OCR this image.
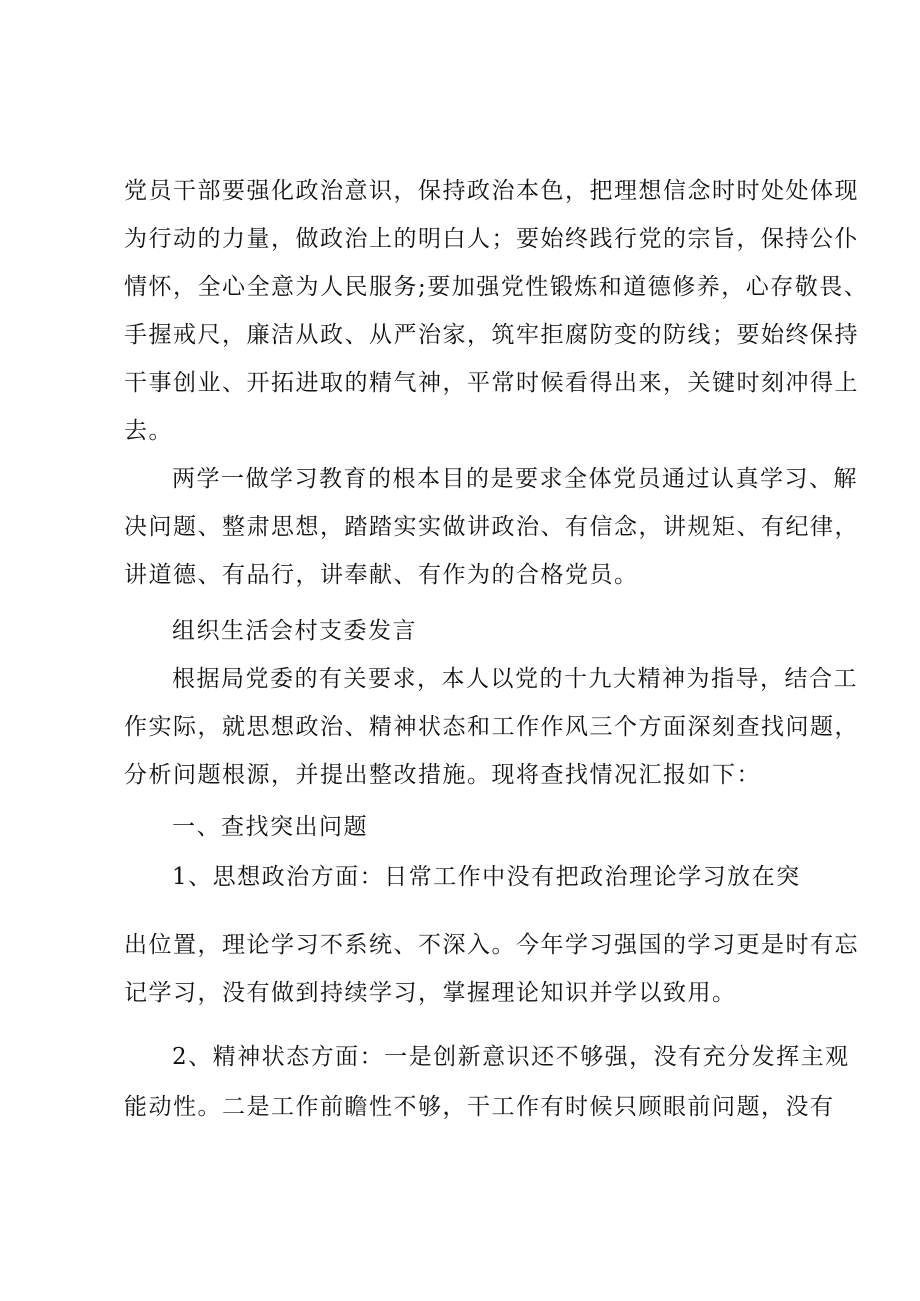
党员干部要强化政治意识，保持政治本色，把理想信念时时处处体现
为行动的力量，做政治上的明白人；要始终践行党的宗旨，保持公仆
情怀，全心全意为人民服务;要加强党性锻炼和道德修养，心存敬畏、
手握戒尺，廉洁从政、从严治家，筑牢拒腐防变的防线；要始终保持
干事创业、开拓进取的精气神，平常时候看得出来，关键时刻冲得上
去。
两学一做学习教育的根本目的是要求全体党员通过认真学习、解
决问题、整肃思想，踏踏实实做讲政治、有信念，讲规矩、有纪律，
讲道德、有品行，讲奉献、有作为的合格党员。
组织生活会村支委发言
根据局党委的有关要求，本人以党的十九大精神为指导，结合工
作实际，就思想政治、精神状态和工作作风三个方面深刻查找问题，
分析问题根源，并提出整改措施。现将查找情况汇报如下：
一、查找突出问题
1、思想政治方面：日常工作中没有把政治理论学习放在突
出位置，理论学习不系统、不深入。今年学习强国的学习更是时有忘
记学习，没有做到持续学习，掌握理论知识并学以致用。
2、精神状态方面：一是创新意识还不够强，没有充分发挥主观
能动性。二是工作前瞻性不够，干工作有时候只顾眼前问题，没有
